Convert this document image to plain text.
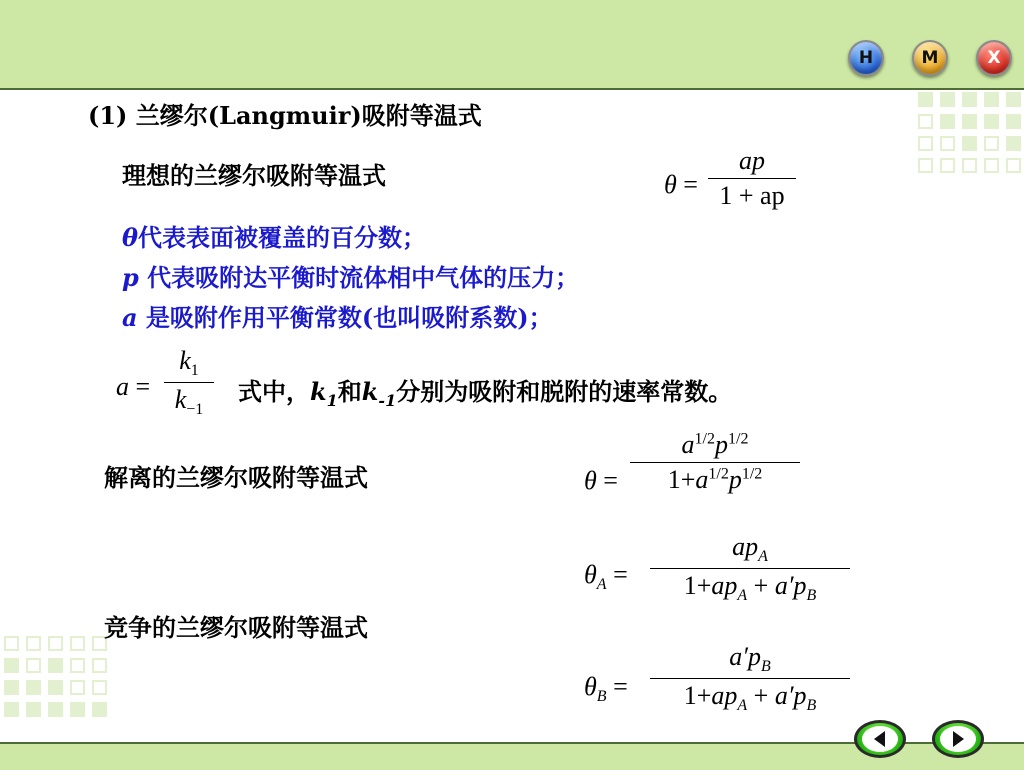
H	M	X
(1) 兰缪尔(Langmuir)吸附等温式
理想的兰缪尔吸附等温式	$\theta = \frac{ap}{1 + ap}$
θ代表表面被覆盖的百分数；
p 代表吸附达平衡时流体相中气体的压力；
a 是吸附作用平衡常数(也叫吸附系数)；
$a = \frac{k_1}{k_{-1}}$ 式中，$k_1$和$k_{-1}$分别为吸附和脱附的速率常数。
解离的兰缪尔吸附等温式	$\theta = \frac{a^{1/2}p^{1/2}}{1+a^{1/2}p^{1/2}}$
竞争的兰缪尔吸附等温式
$\theta_A$ =
$ap_A$
$1+ap_A + a'p_B$
$\theta_B$ =
$a'p_B$
$1+ap_A + a'p_B$
